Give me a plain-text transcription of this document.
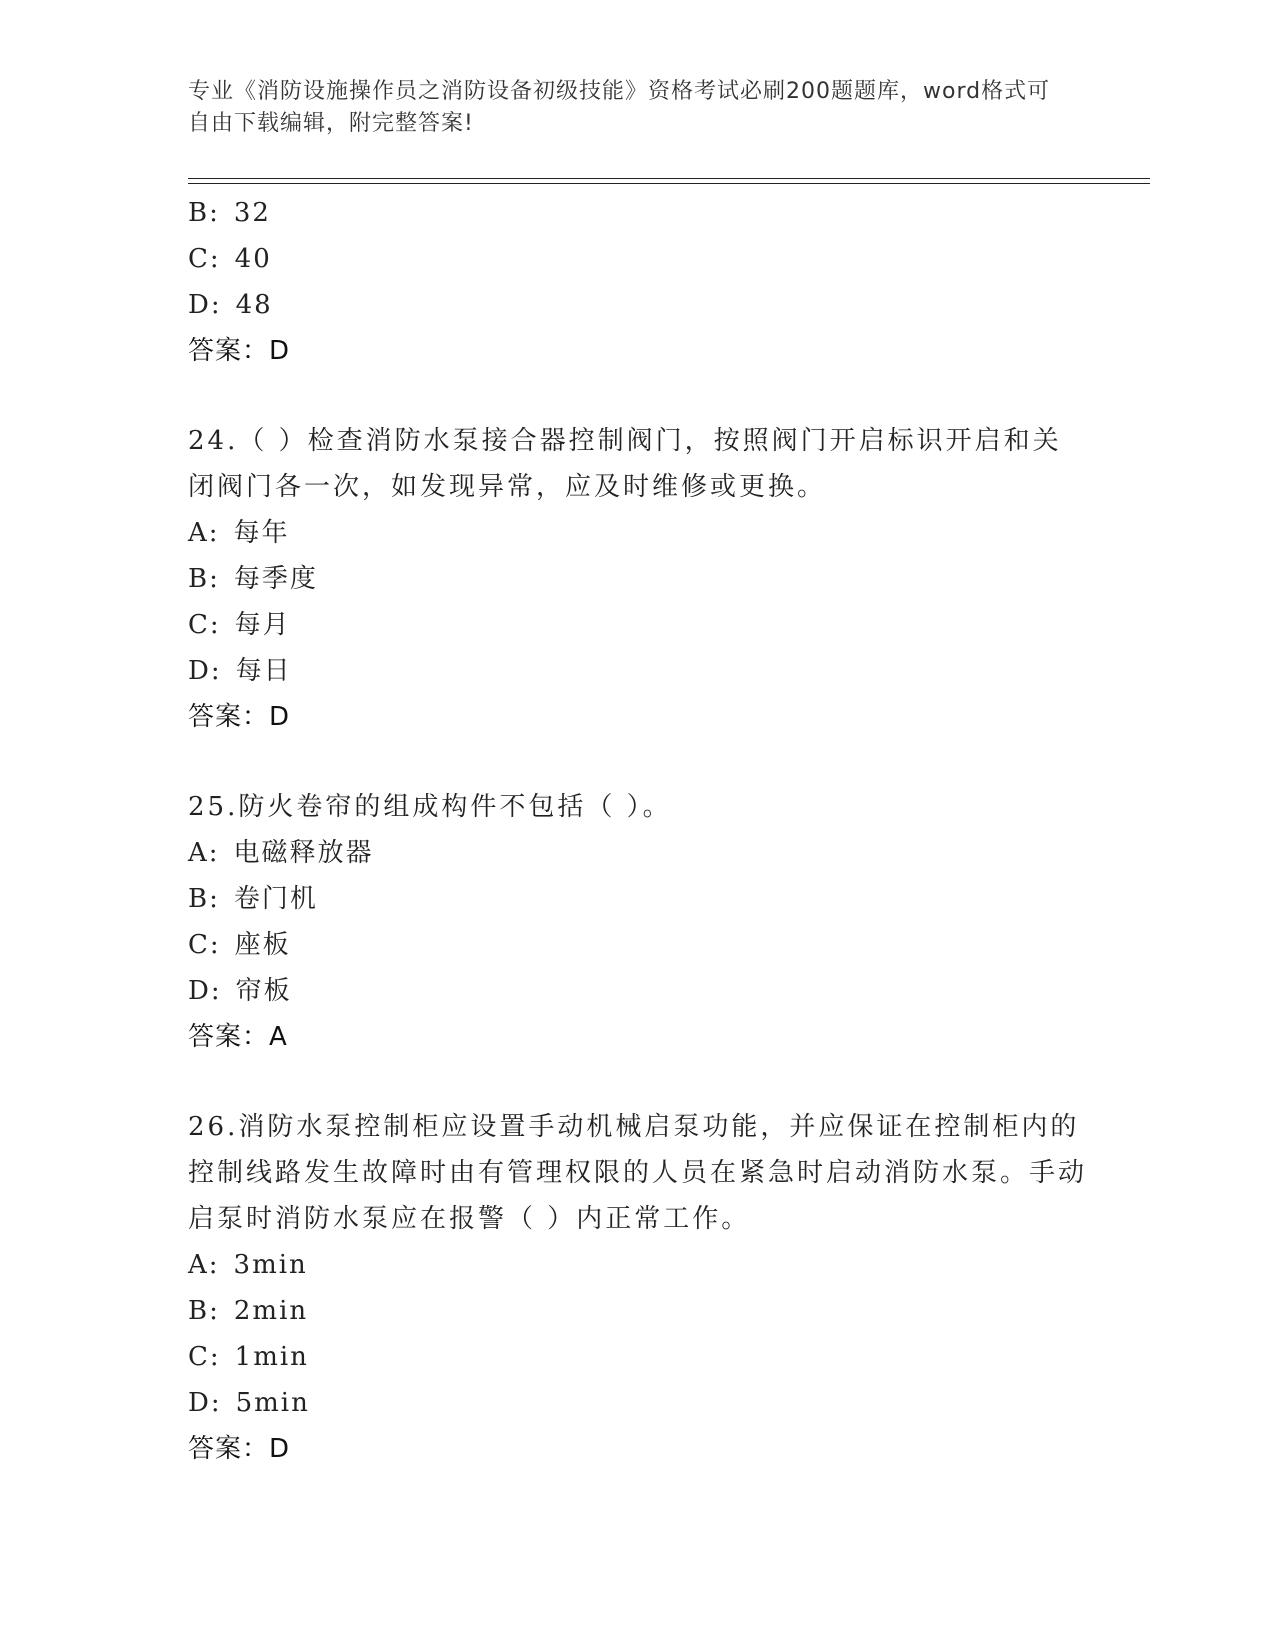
专业《消防设施操作员之消防设备初级技能》资格考试必刷200题题库，word格式可自由下载编辑，附完整答案!
B: 32
C: 40
D: 48
答案：D
24.（ ）检查消防水泵接合器控制阀门，按照阀门开启标识开启和关闭阀门各一次，如发现异常，应及时维修或更换。
A: 每年
B: 每季度
C: 每月
D: 每日
答案：D
25.防火卷帘的组成构件不包括（ ）。
A: 电磁释放器
B: 卷门机
C: 座板
D: 帘板
答案：A
26.消防水泵控制柜应设置手动机械启泵功能，并应保证在控制柜内的控制线路发生故障时由有管理权限的人员在紧急时启动消防水泵。手动启泵时消防水泵应在报警（ ）内正常工作。
A: 3min
B: 2min
C: 1min
D: 5min
答案：D
